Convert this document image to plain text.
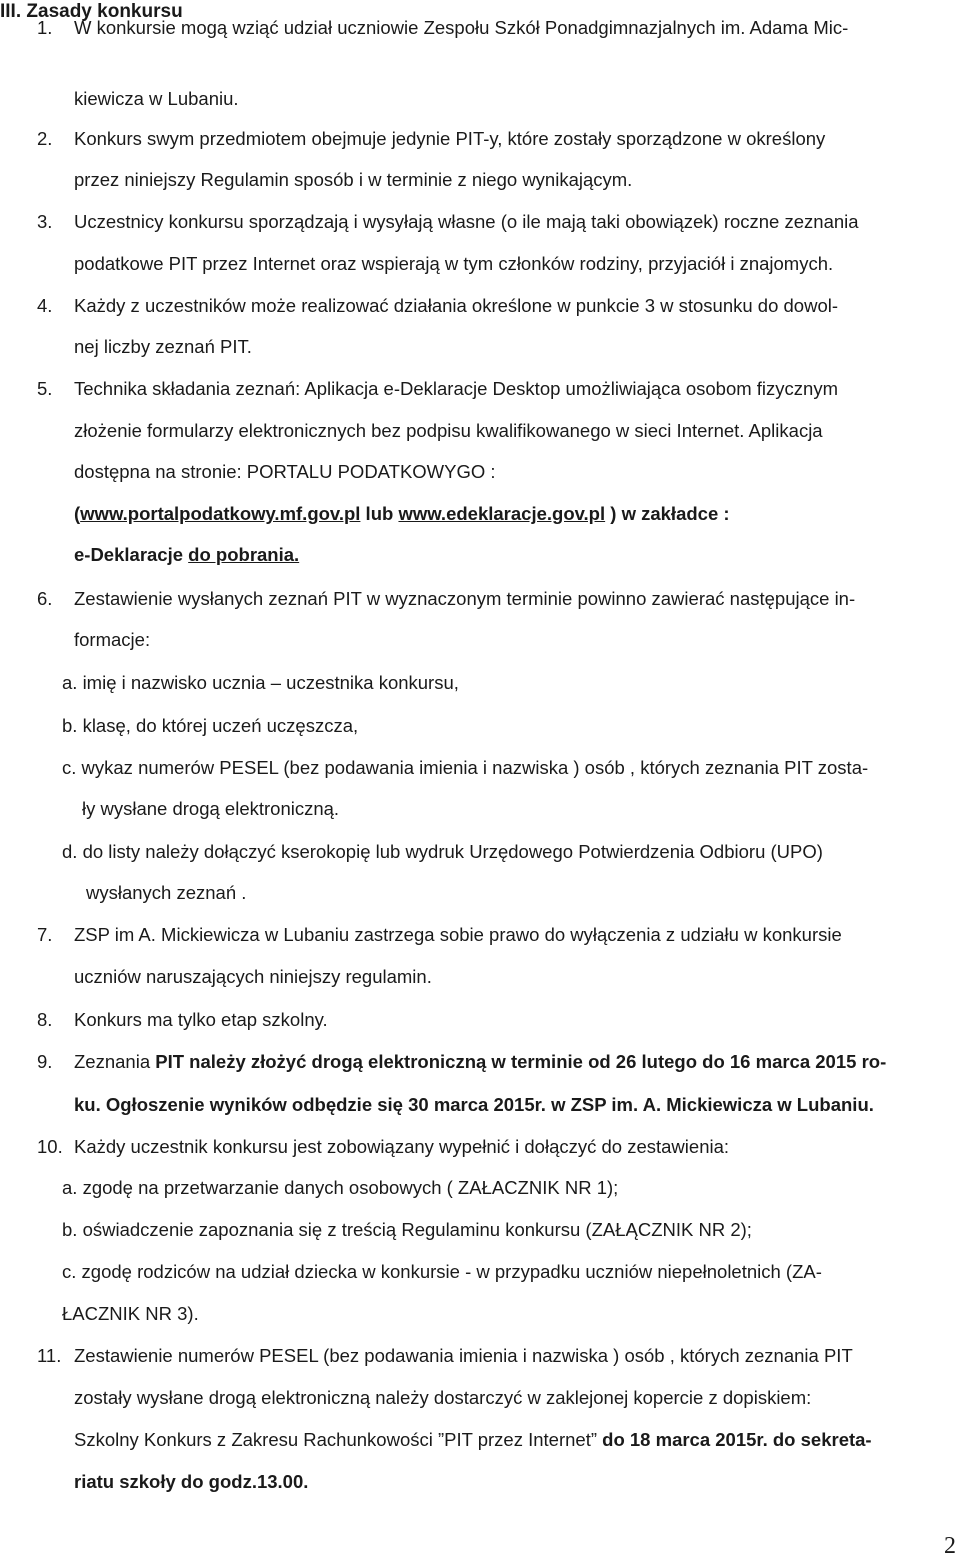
III. Zasady konkursu
1. W konkursie mogą wziąć udział uczniowie Zespołu Szkół Ponadgimnazjalnych im. Adama Mic-
kiewicza w Lubaniu.
2. Konkurs swym przedmiotem obejmuje jedynie PIT-y, które zostały sporządzone w określony
przez niniejszy Regulamin sposób i w terminie z niego wynikającym.
3. Uczestnicy konkursu sporządzają i wysyłają własne (o ile mają taki obowiązek) roczne zeznania
podatkowe PIT przez Internet oraz wspierają w tym członków rodziny, przyjaciół i znajomych.
4. Każdy z uczestników może realizować działania określone w punkcie 3 w stosunku do dowol-
nej liczby zeznań PIT.
5. Technika składania zeznań: Aplikacja e-Deklaracje Desktop umożliwiająca osobom fizycznym
złożenie formularzy elektronicznych bez podpisu kwalifikowanego w sieci Internet. Aplikacja
dostępna na stronie: PORTALU PODATKOWYGO :
(www.portalpodatkowy.mf.gov.pl lub www.edeklaracje.gov.pl ) w zakładce :
e-Deklaracje do pobrania.
6. Zestawienie wysłanych zeznań PIT w wyznaczonym terminie powinno zawierać następujące in-
formacje:
a. imię i nazwisko ucznia – uczestnika konkursu,
b. klasę, do której uczeń uczęszcza,
c. wykaz numerów PESEL (bez podawania imienia i nazwiska ) osób , których zeznania PIT zosta-
ły wysłane drogą elektroniczną.
d. do listy należy dołączyć kserokopię lub wydruk Urzędowego Potwierdzenia Odbioru (UPO)
wysłanych zeznań .
7. ZSP im A. Mickiewicza w Lubaniu zastrzega sobie prawo do wyłączenia z udziału w konkursie
uczniów naruszających niniejszy regulamin.
8. Konkurs ma tylko etap szkolny.
9. Zeznania PIT należy złożyć drogą elektroniczną w terminie od 26 lutego do 16 marca 2015 ro-
ku. Ogłoszenie wyników odbędzie się 30 marca 2015r. w ZSP im. A. Mickiewicza w Lubaniu.
10. Każdy uczestnik konkursu jest zobowiązany wypełnić i dołączyć do zestawienia:
a. zgodę na przetwarzanie danych osobowych ( ZAŁACZNIK NR 1);
b. oświadczenie zapoznania się z treścią Regulaminu konkursu (ZAŁĄCZNIK NR 2);
c. zgodę rodziców na udział dziecka w konkursie - w przypadku uczniów niepełnoletnich (ZA-
ŁACZNIK NR 3).
11. Zestawienie numerów PESEL (bez podawania imienia i nazwiska ) osób , których zeznania PIT
zostały wysłane drogą elektroniczną należy dostarczyć w zaklejonej kopercie z dopiskiem:
Szkolny Konkurs z Zakresu Rachunkowości ”PIT przez Internet” do 18 marca 2015r. do sekreta-
riatu szkoły do godz.13.00.
2
